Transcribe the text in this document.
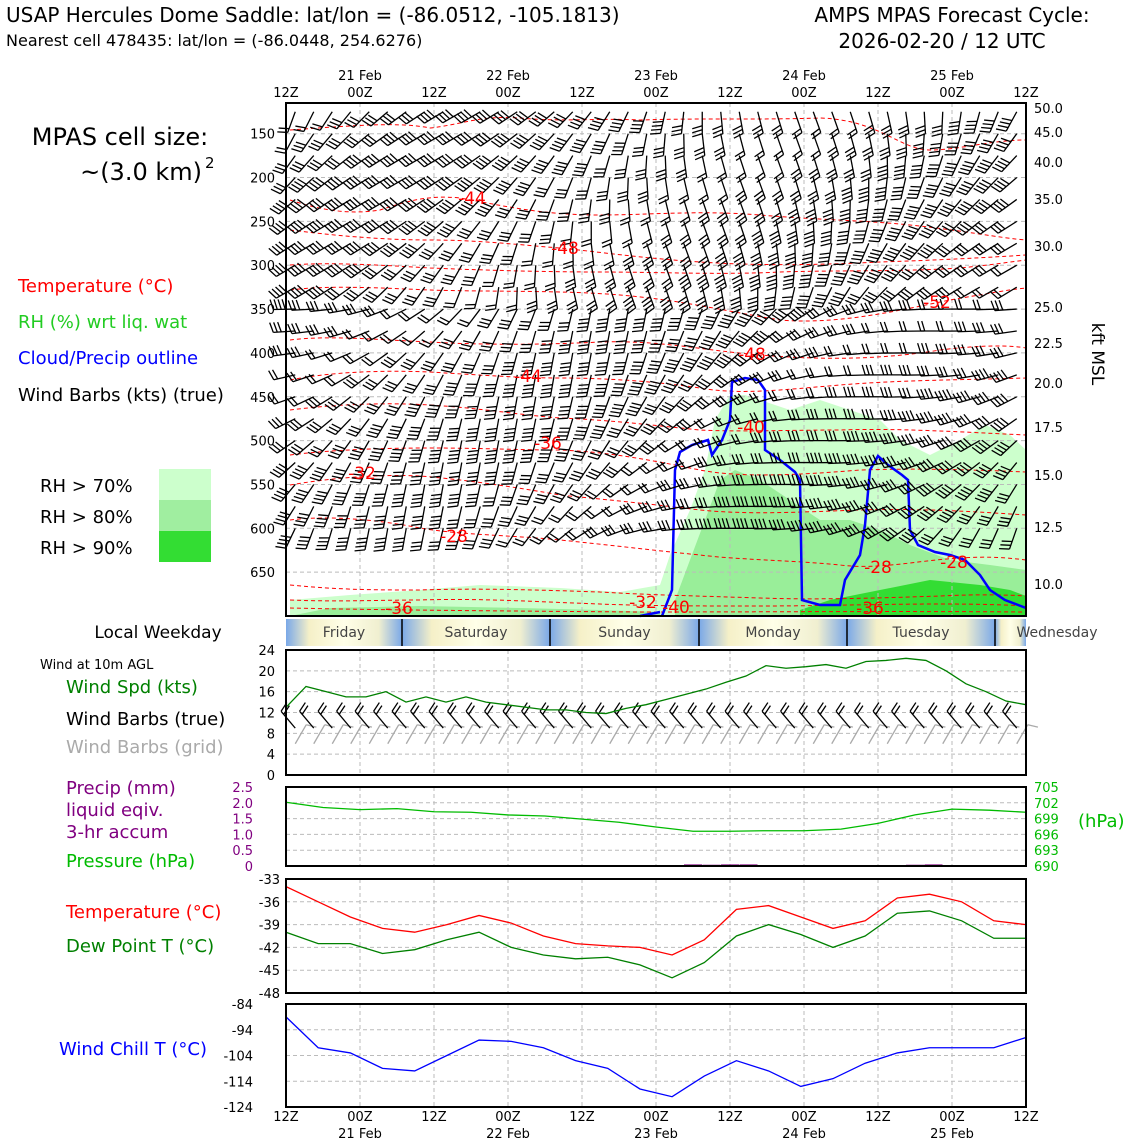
USAP Hercules Dome Saddle: lat/lon = (-86.0512, -105.1813)
Nearest cell 478435: lat/lon = (-86.0448, 254.6276)
AMPS MPAS Forecast Cycle:
2026-02-20 / 12 UTC
12Z	00Z	12Z	00Z	12Z	00Z	12Z	00Z	12Z	00Z	12Z
21 Feb	22 Feb	23 Feb	24 Feb	25 Feb
-44
-48
-52
-48
-44
-40
-36
-32
-28
-28	-28
-36	-32 -40	-36
150
200
250
300
350
400
450
500
550
600
650
50.0
45.0
40.0
35.0
30.0
25.0
22.5
20.0
17.5
15.0
12.5
10.0
kft MSL
MPAS cell size:
~(3.0 km) 2
Temperature (°C)
RH (%) wrt liq. wat
Cloud/Precip outline
Wind Barbs (kts) (true)
RH > 70%
RH > 80%
RH > 90%
Local Weekday	Friday	Saturday	Sunday	Monday	Tuesday	Wednesday
Wind at 10m AGL
Wind Spd (kts)
Wind Barbs (true)
Wind Barbs (grid)
24
20
16
12
8
4
0
Precip (mm)
liquid eqiv.
3-hr accum
Pressure (hPa)
(hPa)
2.5
2.0
1.5
1.0
0.5
0
705
702
699
696
693
690
Temperature (°C)
Dew Point T (°C)
-33
-36
-39
-42
-45
-48
Wind Chill T (°C)
-84
-94
-104
-114
-124
12Z	00Z	12Z	00Z	12Z	00Z	12Z	00Z	12Z	00Z	12Z
21 Feb	22 Feb	23 Feb	24 Feb	25 Feb
